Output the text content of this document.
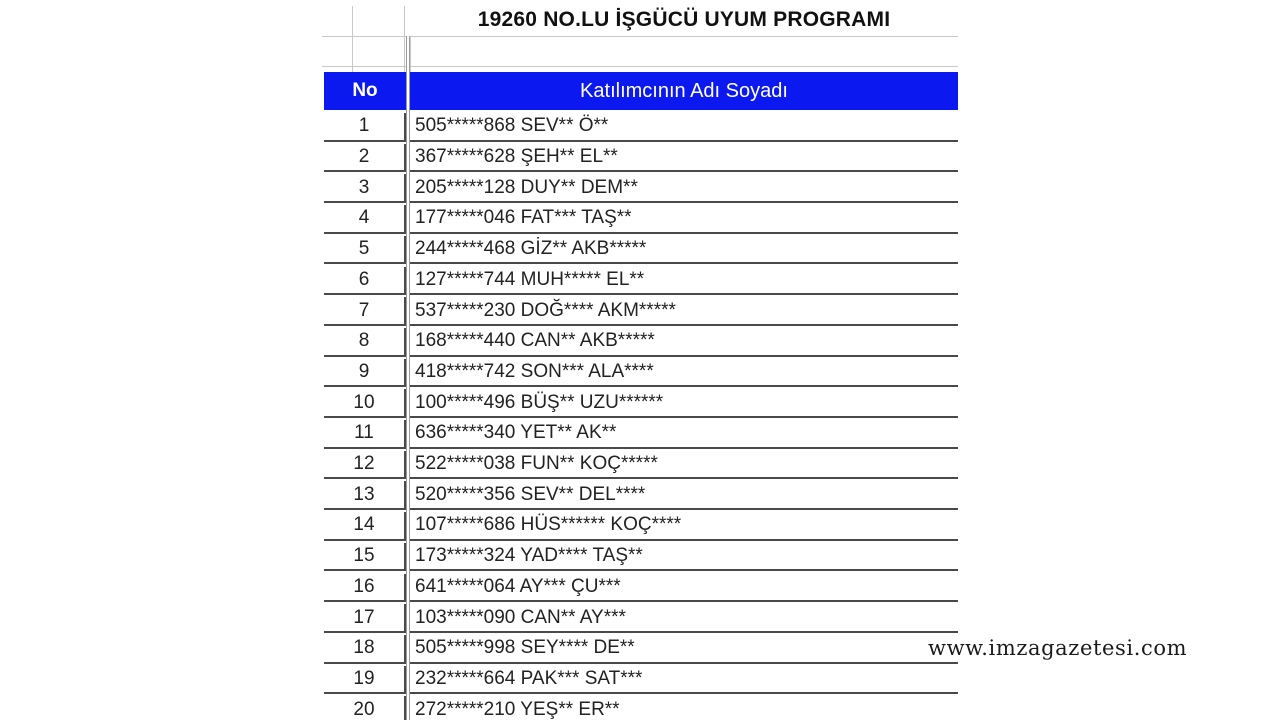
19260 NO.LU İŞGÜCÜ UYUM PROGRAMI
No	Katılımcının Adı Soyadı
1	505*****868 SEV** Ö**
2	367*****628 ŞEH** EL**
3	205*****128 DUY** DEM**
4	177*****046 FAT*** TAŞ**
5	244*****468 GİZ** AKB*****
6	127*****744 MUH***** EL**
7	537*****230 DOĞ**** AKM*****
8	168*****440 CAN** AKB*****
9	418*****742 SON*** ALA****
10	100*****496 BÜŞ** UZU******
11	636*****340 YET** AK**
12	522*****038 FUN** KOÇ*****
13	520*****356 SEV** DEL****
14	107*****686 HÜS****** KOÇ****
15	173*****324 YAD**** TAŞ**
16	641*****064 AY*** ÇU***
17	103*****090 CAN** AY***
18	505*****998 SEY**** DE**
19	232*****664 PAK*** SAT***
20	272*****210 YEŞ** ER**
www.imzagazetesi.com
